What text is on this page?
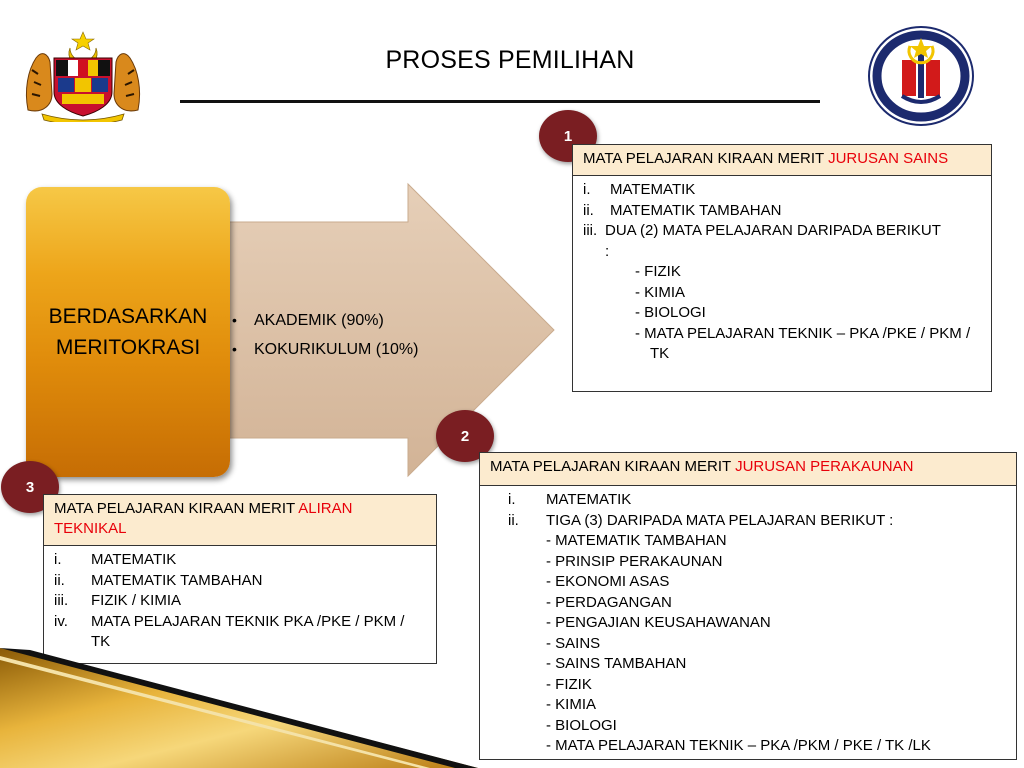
PROSES PEMILIHAN
BERDASARKAN
MERITOKRASI
• AKADEMIK (90%)
• KOKURIKULUM (10%)
1
MATA PELAJARAN KIRAAN MERIT JURUSAN SAINS
i.	MATEMATIK
ii.	MATEMATIK TAMBAHAN
iii. DUA (2) MATA PELAJARAN DARIPADA BERIKUT :
- FIZIK
- KIMIA
- BIOLOGI
- MATA PELAJARAN TEKNIK – PKA /PKE / PKM / TK
2
MATA PELAJARAN KIRAAN MERIT JURUSAN PERAKAUNAN
i.	MATEMATIK
ii.	TIGA (3) DARIPADA MATA PELAJARAN BERIKUT :
- MATEMATIK TAMBAHAN
- PRINSIP PERAKAUNAN
- EKONOMI ASAS
- PERDAGANGAN
- PENGAJIAN KEUSAHAWANAN
- SAINS
- SAINS TAMBAHAN
- FIZIK
- KIMIA
- BIOLOGI
- MATA PELAJARAN TEKNIK – PKA /PKM / PKE / TK /LK
3
MATA PELAJARAN KIRAAN MERIT ALIRAN TEKNIKAL
i.	MATEMATIK
ii.	MATEMATIK TAMBAHAN
iii.	FIZIK / KIMIA
iv.	MATA PELAJARAN TEKNIK PKA /PKE / PKM / TK
